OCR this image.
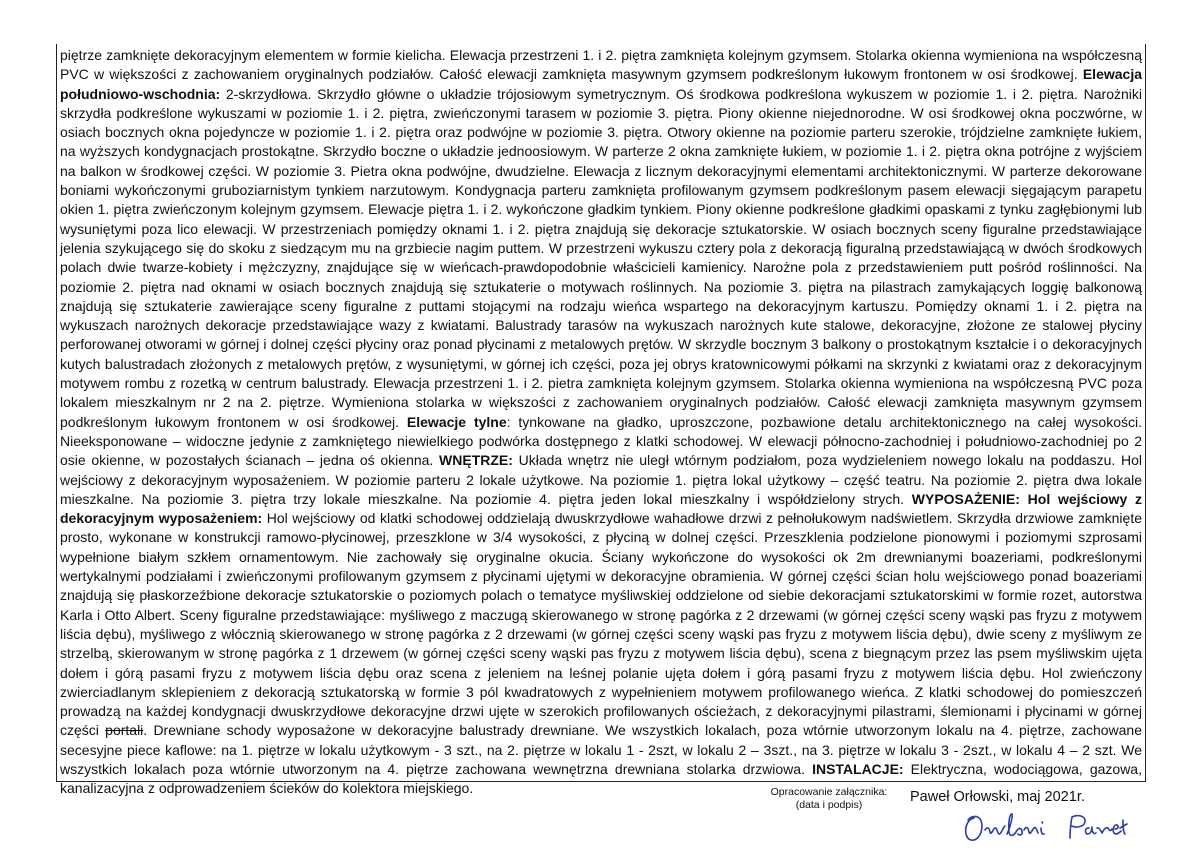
piętrze zamknięte dekoracyjnym elementem w formie kielicha. Elewacja przestrzeni 1. i 2. piętra zamknięta kolejnym gzymsem. Stolarka okienna wymieniona na współczesną PVC w większości z zachowaniem oryginalnych podziałów. Całość elewacji zamknięta masywnym gzymsem podkreślonym łukowym frontonem w osi środkowej. Elewacja południowo-wschodnia: 2-skrzydłowa. Skrzydło główne o układzie trójosiowym symetrycznym. Oś środkowa podkreślona wykuszem w poziomie 1. i 2. piętra. Narożniki skrzydła podkreślone wykuszami w poziomie 1. i 2. piętra, zwieńczonymi tarasem w poziomie 3. piętra. Piony okienne niejednorodne. W osi środkowej okna poczwórne, w osiach bocznych okna pojedyncze w poziomie 1. i 2. piętra oraz podwójne w poziomie 3. piętra. Otwory okienne na poziomie parteru szerokie, trójdzielne zamknięte łukiem, na wyższych kondygnacjach prostokątne. Skrzydło boczne o układzie jednoosiowym. W parterze 2 okna zamknięte łukiem, w poziomie 1. i 2. piętra okna potrójne z wyjściem na balkon w środkowej części. W poziomie 3. Pietra okna podwójne, dwudzielne. Elewacja z licznym dekoracyjnymi elementami architektonicznymi. W parterze dekorowane boniami wykończonymi gruboziarnistym tynkiem narzutowym. Kondygnacja parteru zamknięta profilowanym gzymsem podkreślonym pasem elewacji sięgającym parapetu okien 1. piętra zwieńczonym kolejnym gzymsem. Elewacje piętra 1. i 2. wykończone gładkim tynkiem. Piony okienne podkreślone gładkimi opaskami z tynku zagłębionymi lub wysuniętymi poza lico elewacji. W przestrzeniach pomiędzy oknami 1. i 2. piętra znajdują się dekoracje sztukatorskie. W osiach bocznych sceny figuralne przedstawiające jelenia szykującego się do skoku z siedzącym mu na grzbiecie nagim puttem. W przestrzeni wykuszu cztery pola z dekoracją figuralną przedstawiającą w dwóch środkowych polach dwie twarze-kobiety i mężczyzny, znajdujące się w wieńcach-prawdopodobnie właścicieli kamienicy. Narożne pola z przedstawieniem putt pośród roślinności. Na poziomie 2. piętra nad oknami w osiach bocznych znajdują się sztukaterie o motywach roślinnych. Na poziomie 3. piętra na pilastrach zamykających loggię balkonową znajdują się sztukaterie zawierające sceny figuralne z puttami stojącymi na rodzaju wieńca wspartego na dekoracyjnym kartuszu. Pomiędzy oknami 1. i 2. piętra na wykuszach narożnych dekoracje przedstawiające wazy z kwiatami. Balustrady tarasów na wykuszach narożnych kute stalowe, dekoracyjne, złożone ze stalowej płyciny perforowanej otworami w górnej i dolnej części płyciny oraz ponad płycinami z metalowych prętów. W skrzydle bocznym 3 balkony o prostokątnym kształcie i o dekoracyjnych kutych balustradach złożonych z metalowych prętów, z wysuniętymi, w górnej ich części, poza jej obrys kratownicowymi półkami na skrzynki z kwiatami oraz z dekoracyjnym motywem rombu z rozetką w centrum balustrady. Elewacja przestrzeni 1. i 2. pietra zamknięta kolejnym gzymsem. Stolarka okienna wymieniona na współczesną PVC poza lokalem mieszkalnym nr 2 na 2. piętrze. Wymieniona stolarka w większości z zachowaniem oryginalnych podziałów. Całość elewacji zamknięta masywnym gzymsem podkreślonym łukowym frontonem w osi środkowej. Elewacje tylne: tynkowane na gładko, uproszczone, pozbawione detalu architektonicznego na całej wysokości. Nieeksponowane – widoczne jedynie z zamkniętego niewielkiego podwórka dostępnego z klatki schodowej. W elewacji północno-zachodniej i południowo-zachodniej po 2 osie okienne, w pozostałych ścianach – jedna oś okienna. WNĘTRZE: Układa wnętrz nie uległ wtórnym podziałom, poza wydzieleniem nowego lokalu na poddaszu. Hol wejściowy z dekoracyjnym wyposażeniem. W poziomie parteru 2 lokale użytkowe. Na poziomie 1. piętra lokal użytkowy – część teatru. Na poziomie 2. piętra dwa lokale mieszkalne. Na poziomie 3. piętra trzy lokale mieszkalne. Na poziomie 4. piętra jeden lokal mieszkalny i współdzielony strych. WYPOSAŻENIE: Hol wejściowy z dekoracyjnym wyposażeniem: Hol wejściowy od klatki schodowej oddzielają dwuskrzydłowe wahadłowe drzwi z pełnołukowym nadświetlem. Skrzydła drzwiowe zamknięte prosto, wykonane w konstrukcji ramowo-płycinowej, przeszklone w 3/4 wysokości, z płyciną w dolnej części. Przeszklenia podzielone pionowymi i poziomymi szprosami wypełnione białym szkłem ornamentowym. Nie zachowały się oryginalne okucia. Ściany wykończone do wysokości ok 2m drewnianymi boazeriami, podkreślonymi wertykalnymi podziałami i zwieńczonymi profilowanym gzymsem z płycinami ujętymi w dekoracyjne obramienia. W górnej części ścian holu wejściowego ponad boazeriami znajdują się płaskorzeźbione dekoracje sztukatorskie o poziomych polach o tematyce myśliwskiej oddzielone od siebie dekoracjami sztukatorskimi w formie rozet, autorstwa Karla i Otto Albert. Sceny figuralne przedstawiające: myśliwego z maczugą skierowanego w stronę pagórka z 2 drzewami (w górnej części sceny wąski pas fryzu z motywem liścia dębu), myśliwego z włócznią skierowanego w stronę pagórka z 2 drzewami (w górnej części sceny wąski pas fryzu z motywem liścia dębu), dwie sceny z myśliwym ze strzelbą, skierowanym w stronę pagórka z 1 drzewem (w górnej części sceny wąski pas fryzu z motywem liścia dębu), scena z biegnącym przez las psem myśliwskim ujęta dołem i górą pasami fryzu z motywem liścia dębu oraz scena z jeleniem na leśnej polanie ujęta dołem i górą pasami fryzu z motywem liścia dębu. Hol zwieńczony zwierciadlanym sklepieniem z dekoracją sztukatorską w formie 3 pól kwadratowych z wypełnieniem motywem profilowanego wieńca. Z klatki schodowej do pomieszczeń prowadzą na każdej kondygnacji dwuskrzydłowe dekoracyjne drzwi ujęte w szerokich profilowanych ościeżach, z dekoracyjnymi pilastrami, ślemionami i płycinami w górnej części portali. Drewniane schody wyposażone w dekoracyjne balustrady drewniane. We wszystkich lokalach, poza wtórnie utworzonym lokalu na 4. piętrze, zachowane secesyjne piece kaflowe: na 1. piętrze w lokalu użytkowym - 3 szt., na 2. piętrze w lokalu 1 - 2szt, w lokalu 2 – 3szt., na 3. piętrze w lokalu 3 - 2szt., w lokalu 4 – 2 szt. We wszystkich lokalach poza wtórnie utworzonym na 4. piętrze zachowana wewnętrzna drewniana stolarka drzwiowa. INSTALACJE: Elektryczna, wodociągowa, gazowa, kanalizacyjna z odprowadzeniem ścieków do kolektora miejskiego.	Opracowanie załącznika:
(data i podpis)	Paweł Orłowski, maj 2021r.
